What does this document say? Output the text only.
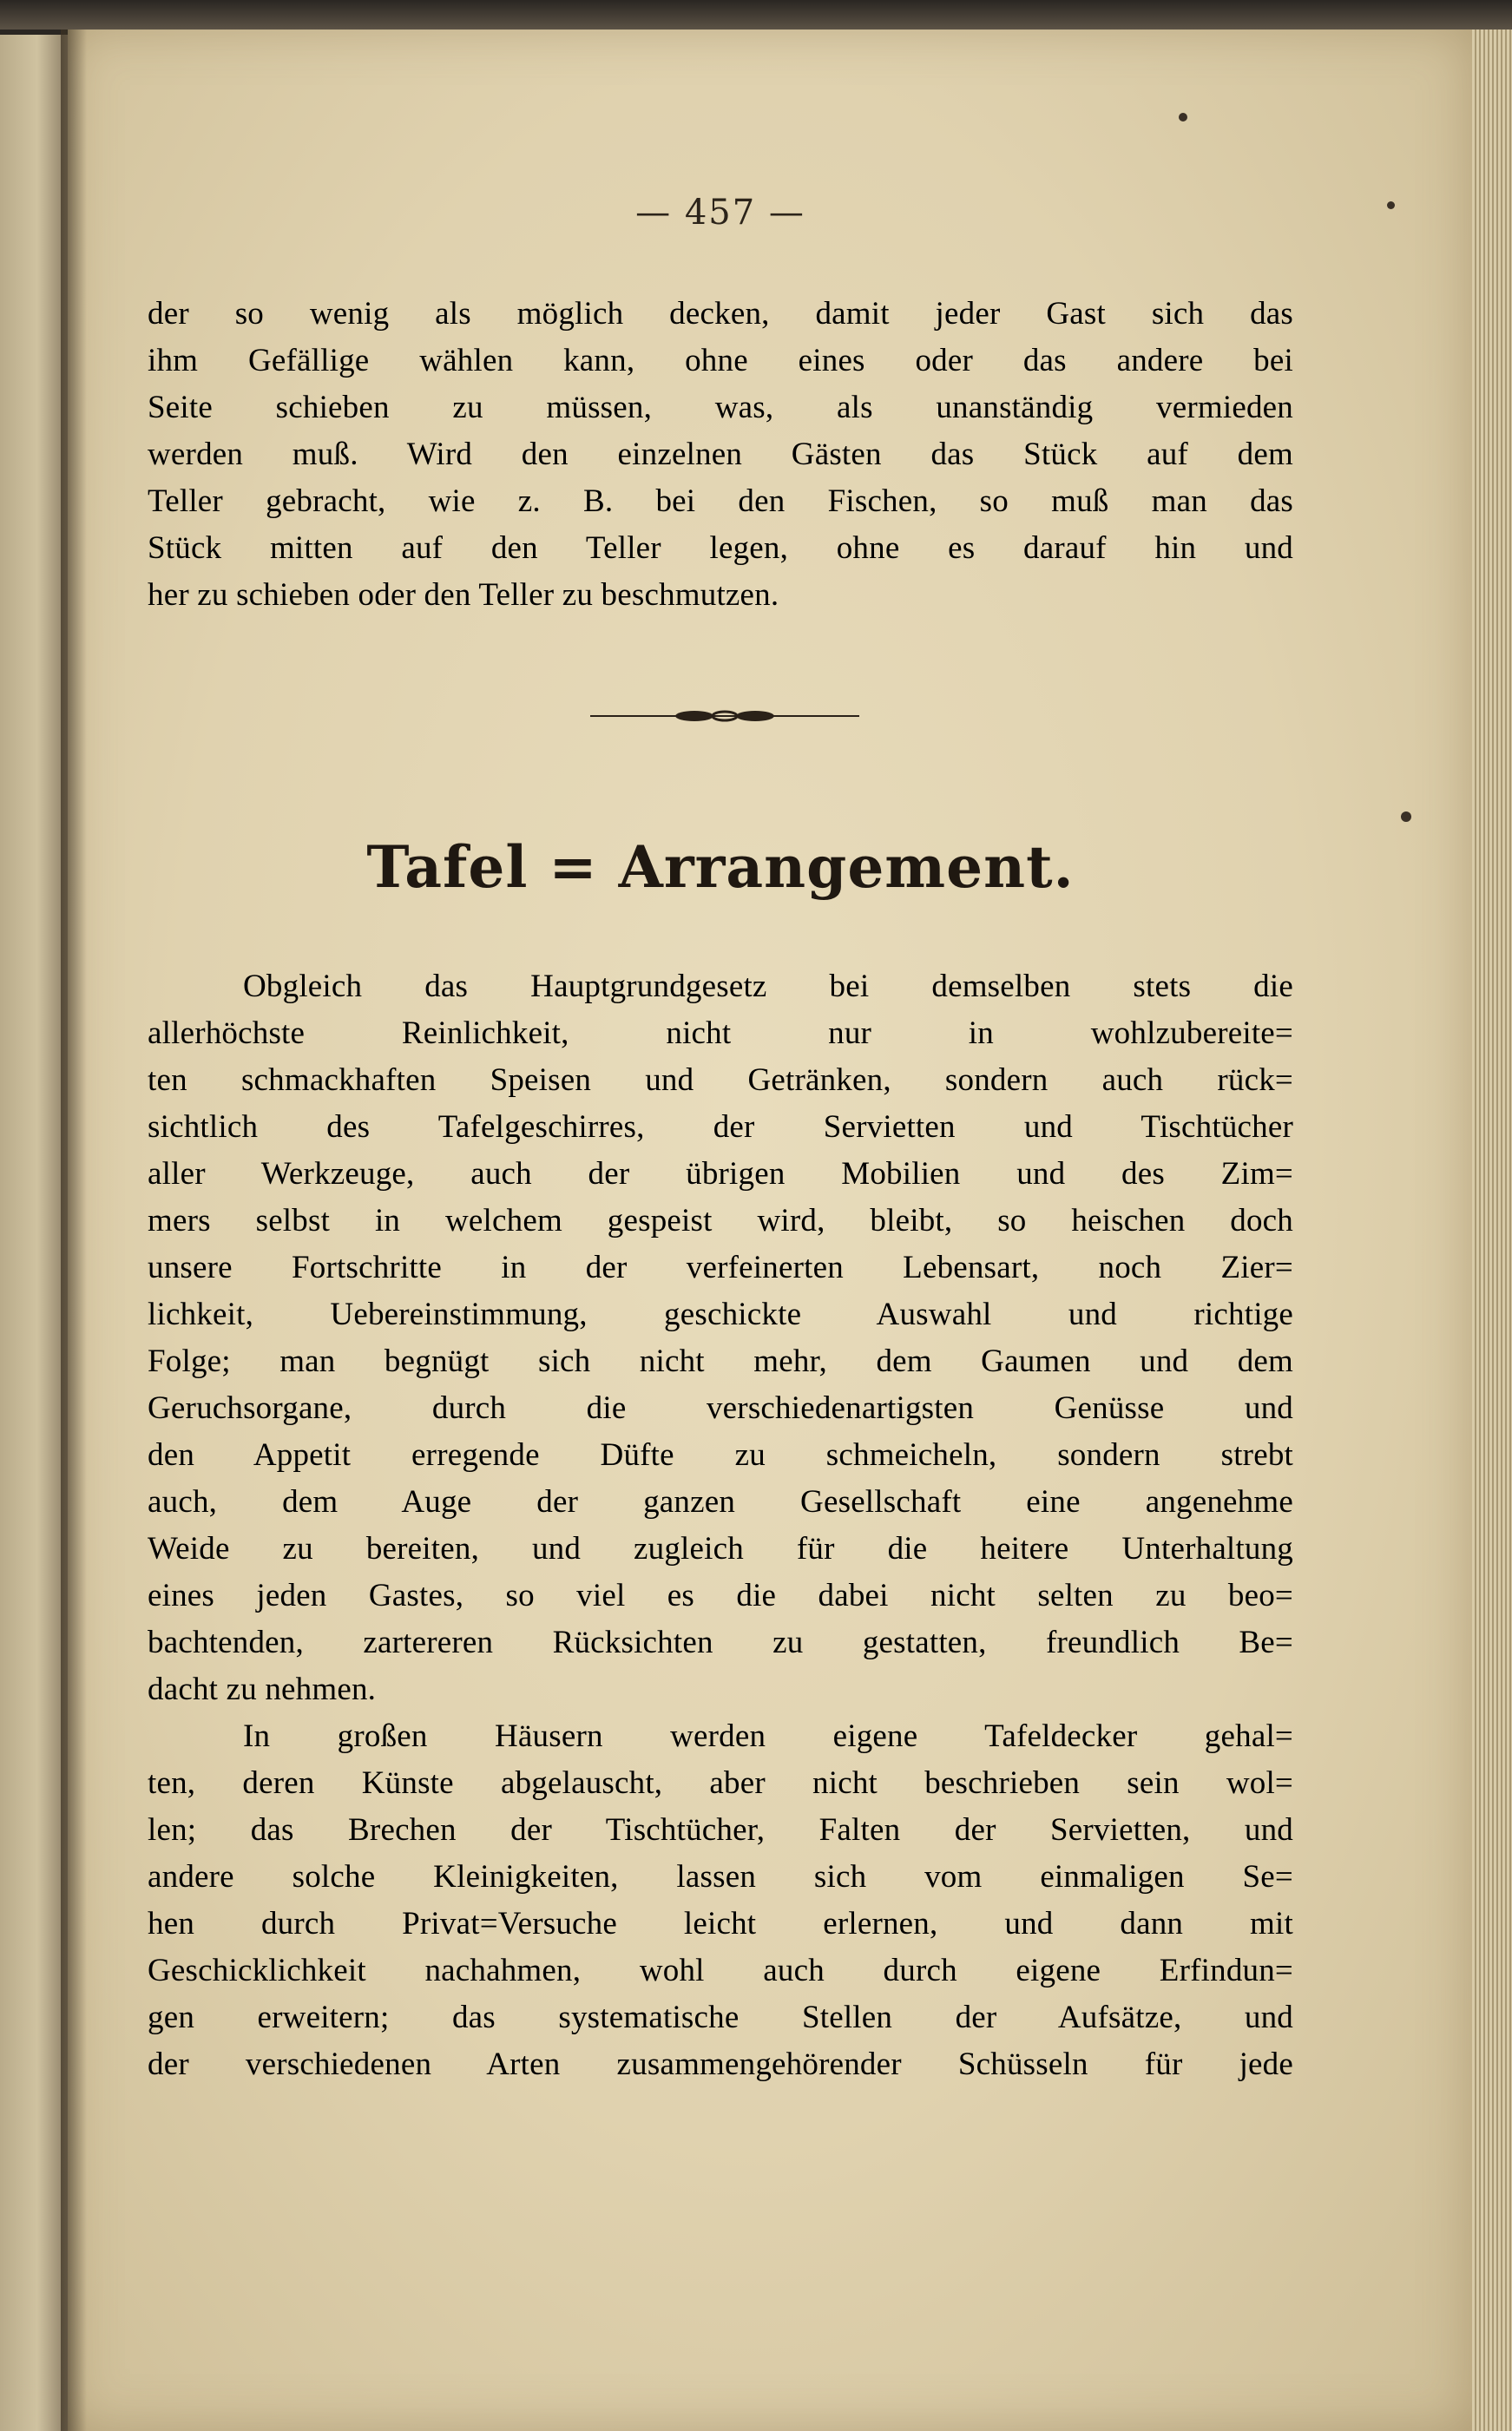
— 457 —

der so wenig als möglich decken, damit jeder Gast sich das

ihm Gefällige wählen kann, ohne eines oder das andere bei

Seite schieben zu müssen, was, als unanständig vermieden

werden muß. Wird den einzelnen Gästen das Stück auf dem

Teller gebracht, wie z. B. bei den Fischen, so muß man das

Stück mitten auf den Teller legen, ohne es darauf hin und

her zu schieben oder den Teller zu beschmutzen.

Tafel = Arrangement.

Obgleich das Hauptgrundgesetz bei demselben stets die

allerhöchste Reinlichkeit, nicht nur in wohlzubereite=

ten schmackhaften Speisen und Getränken, sondern auch rück=

sichtlich des Tafelgeschirres, der Servietten und Tischtücher

aller Werkzeuge, auch der übrigen Mobilien und des Zim=

mers selbst in welchem gespeist wird, bleibt, so heischen doch

unsere Fortschritte in der verfeinerten Lebensart, noch Zier=

lichkeit, Uebereinstimmung, geschickte Auswahl und richtige

Folge; man begnügt sich nicht mehr, dem Gaumen und dem

Geruchsorgane, durch die verschiedenartigsten Genüsse und

den Appetit erregende Düfte zu schmeicheln, sondern strebt

auch, dem Auge der ganzen Gesellschaft eine angenehme

Weide zu bereiten, und zugleich für die heitere Unterhaltung

eines jeden Gastes, so viel es die dabei nicht selten zu beo=

bachtenden, zartereren Rücksichten zu gestatten, freundlich Be=

dacht zu nehmen.

In großen Häusern werden eigene Tafeldecker gehal=

ten, deren Künste abgelauscht, aber nicht beschrieben sein wol=

len; das Brechen der Tischtücher, Falten der Servietten, und

andere solche Kleinigkeiten, lassen sich vom einmaligen Se=

hen durch Privat=Versuche leicht erlernen, und dann mit

Geschicklichkeit nachahmen, wohl auch durch eigene Erfindun=

gen erweitern; das systematische Stellen der Aufsätze, und

der verschiedenen Arten zusammengehörender Schüsseln für jede
